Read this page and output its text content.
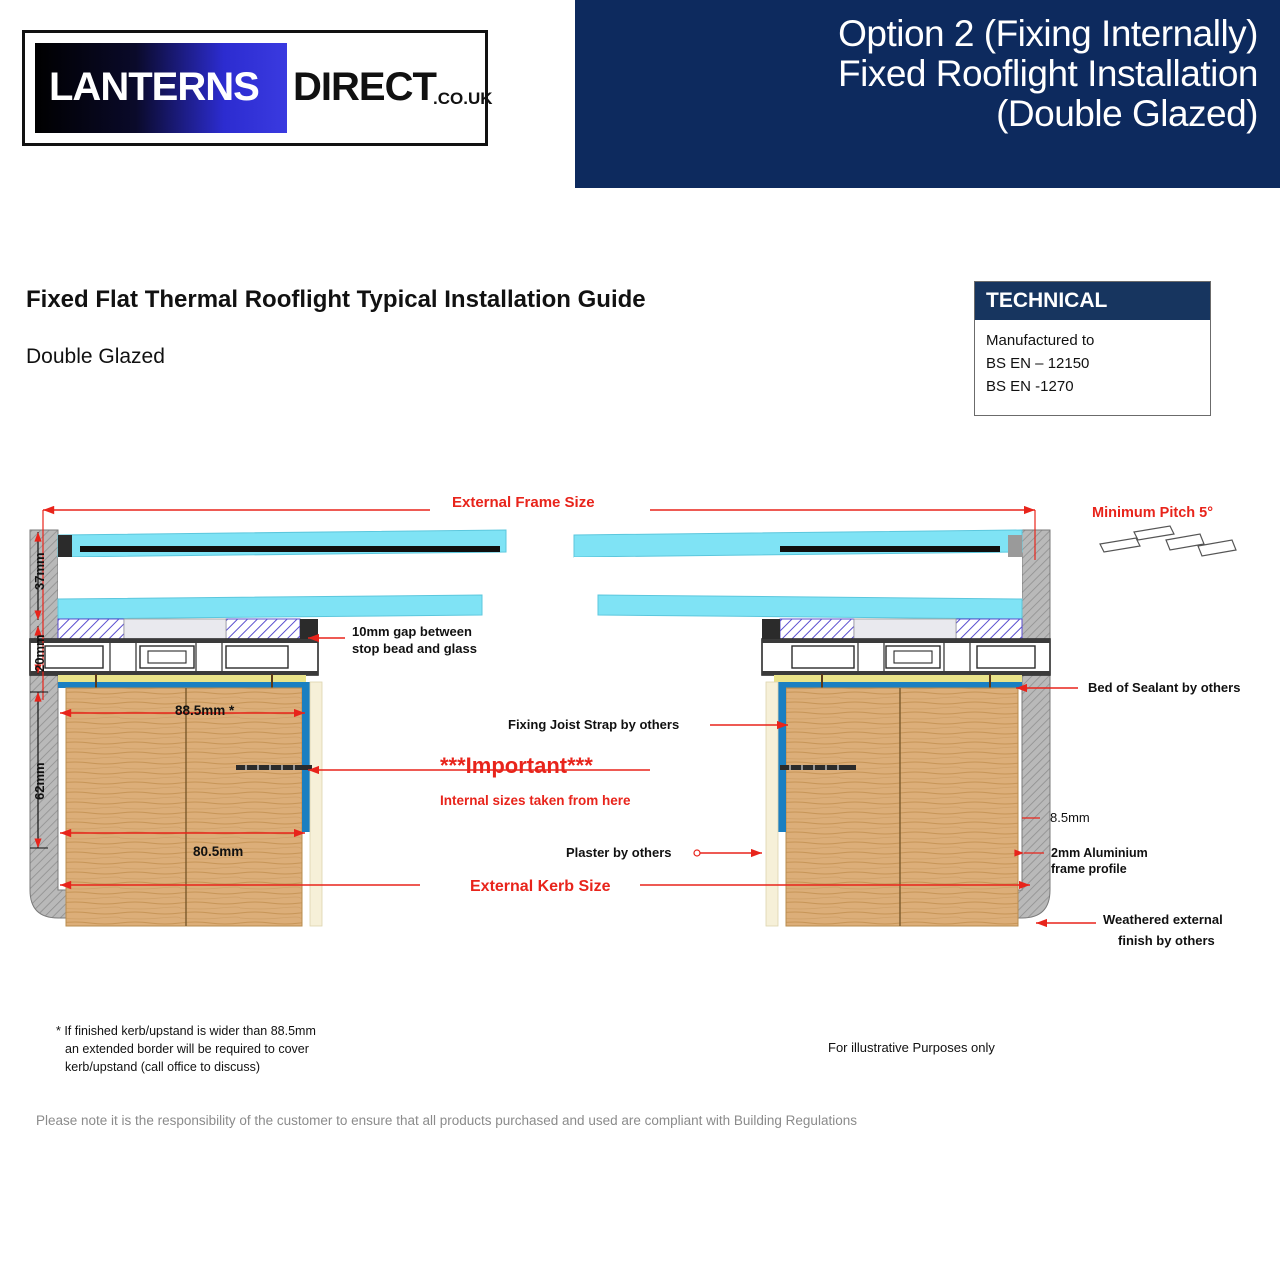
Option 2 (Fixing Internally)
Fixed Rooflight Installation
(Double Glazed)
LANTERNS DIRECT
.CO.UK
Fixed Flat Thermal Rooflight Typical Installation Guide
Double Glazed
TECHNICAL
Manufactured to
BS EN – 12150
BS EN -1270
External Frame Size
10mm gap between
stop bead and glass
Bed of Sealant by others
Fixing Joist Strap by others
***Important***
Internal sizes taken from here
Plaster by others
External Kerb Size
8.5mm
2mm Aluminium
frame profile
Weathered external
finish by others
88.5mm *
80.5mm
37mm
20mm
62mm
Minimum Pitch 5°
* If finished kerb/upstand is wider than 88.5mm
an extended border will be required to cover
kerb/upstand (call office to discuss)
For illustrative Purposes only
Please note it is the responsibility of the customer to ensure that all products purchased and used are compliant with Building Regulations
